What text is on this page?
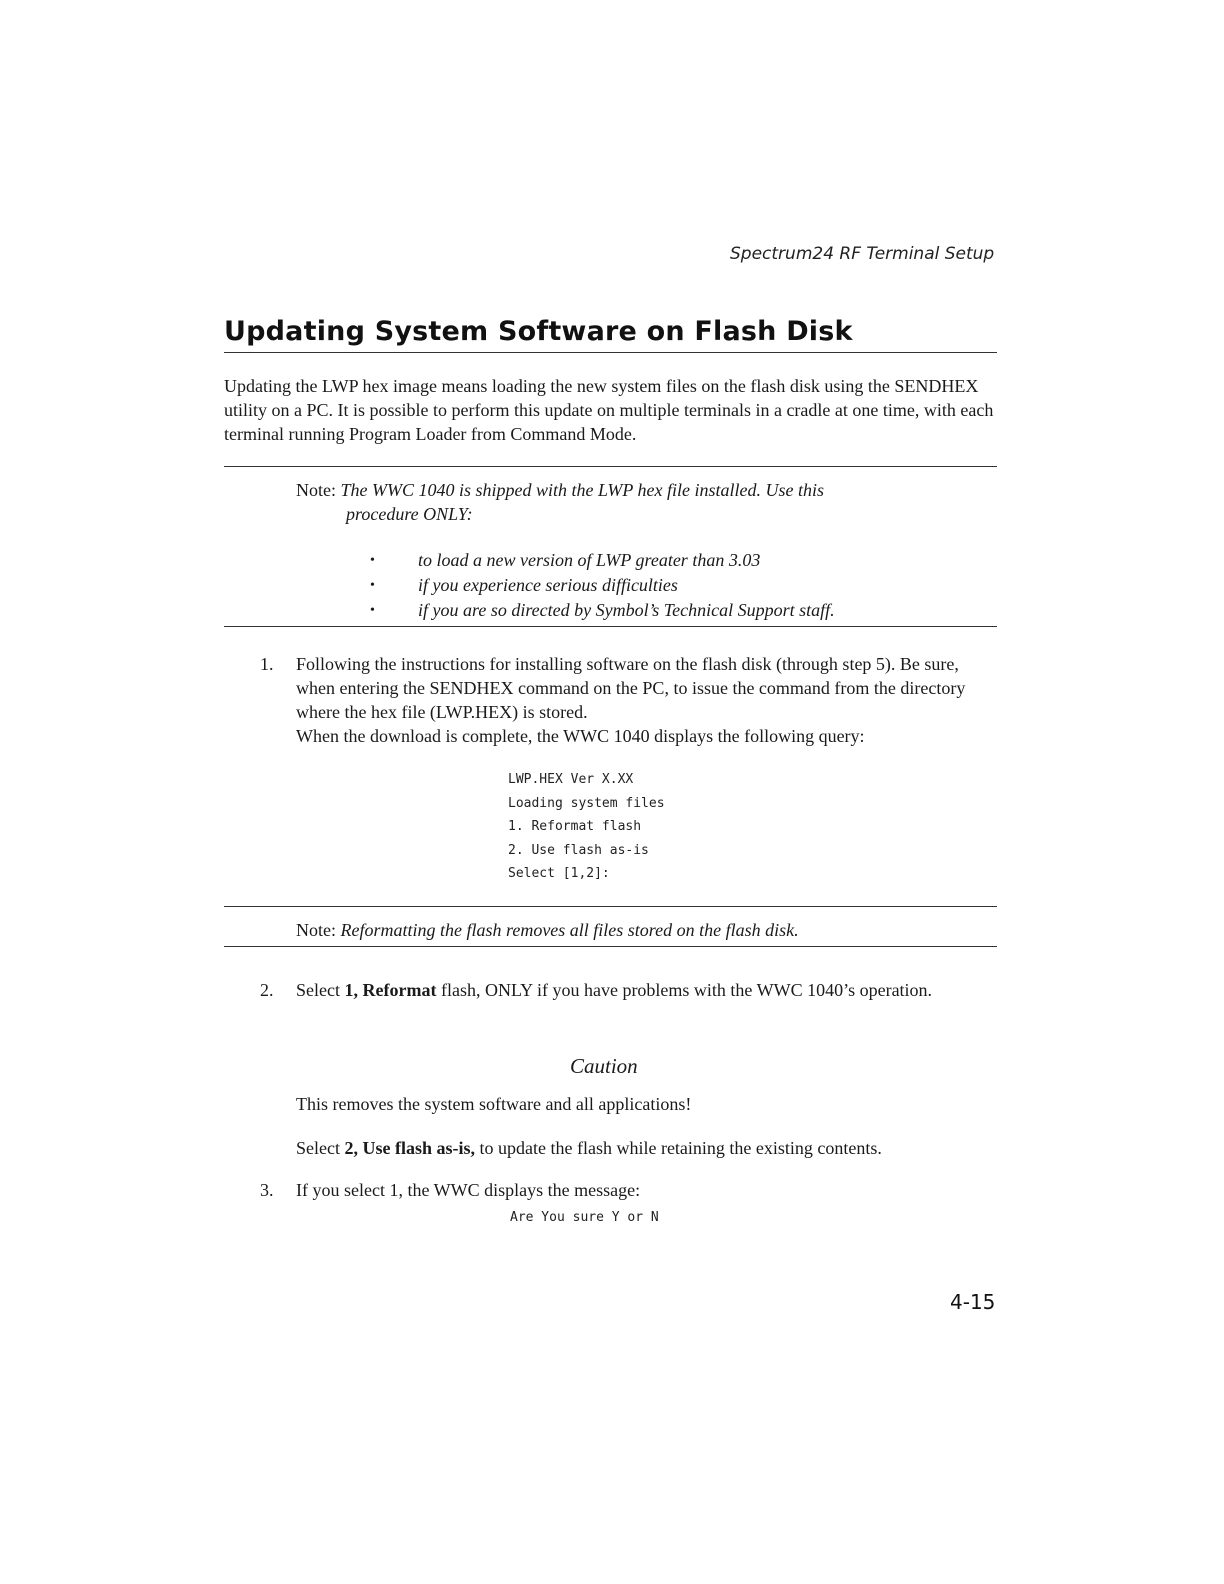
Spectrum24 RF Terminal Setup
Updating System Software on Flash Disk
Updating the LWP hex image means loading the new system files on the flash disk using the SENDHEX utility on a PC. It is possible to perform this update on multiple terminals in a cradle at one time, with each terminal running Program Loader from Command Mode.
Note: The WWC 1040 is shipped with the LWP hex file installed. Use this
procedure ONLY:
• to load a new version of LWP greater than 3.03
• if you experience serious difficulties
• if you are so directed by Symbol’s Technical Support staff.
1. Following the instructions for installing software on the flash disk (through step 5). Be sure, when entering the SENDHEX command on the PC, to issue the command from the directory where the hex file (LWP.HEX) is stored.
When the download is complete, the WWC 1040 displays the following query:
LWP.HEX Ver X.XX
Loading system files
1. Reformat flash
2. Use flash as-is
Select [1,2]:
Note: Reformatting the flash removes all files stored on the flash disk.
2. Select 1, Reformat flash, ONLY if you have problems with the WWC 1040’s operation.
Caution
This removes the system software and all applications!
Select 2, Use flash as-is, to update the flash while retaining the existing contents.
3. If you select 1, the WWC displays the message:
Are You sure Y or N
4-15
